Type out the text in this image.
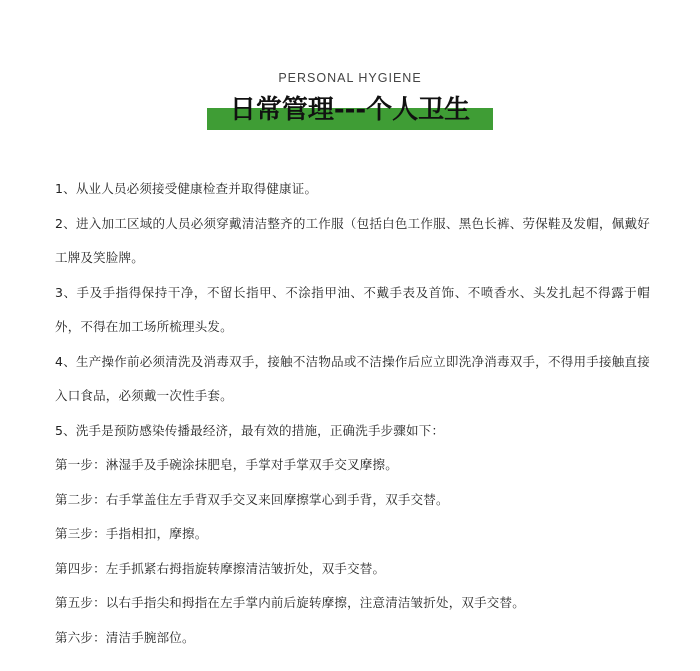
PERSONAL HYGIENE
日常管理---个人卫生

1、从业人员必须接受健康检查并取得健康证。

2、进入加工区域的人员必须穿戴清洁整齐的工作服（包括白色工作服、黑色长裤、劳保鞋及发帽，佩戴好工牌及笑脸牌。

3、手及手指得保持干净，不留长指甲、不涂指甲油、不戴手表及首饰、不喷香水、头发扎起不得露于帽外，不得在加工场所梳理头发。

4、生产操作前必须清洗及消毒双手，接触不洁物品或不洁操作后应立即洗净消毒双手，不得用手接触直接入口食品，必须戴一次性手套。

5、洗手是预防感染传播最经济，最有效的措施，正确洗手步骤如下：

第一步：淋湿手及手碗涂抹肥皂，手掌对手掌双手交叉摩擦。

第二步：右手掌盖住左手背双手交叉来回摩擦掌心到手背，双手交替。

第三步：手指相扣，摩擦。

第四步：左手抓紧右拇指旋转摩擦清洁皱折处，双手交替。

第五步：以右手指尖和拇指在左手掌内前后旋转摩擦，注意清洁皱折处，双手交替。

第六步：清洁手腕部位。
